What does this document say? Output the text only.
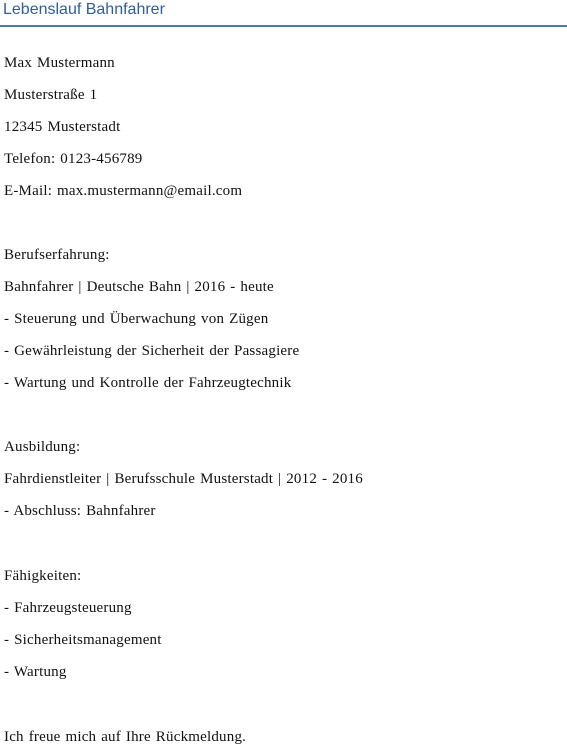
Lebenslauf Bahnfahrer
Max Mustermann
Musterstraße 1
12345 Musterstadt
Telefon: 0123-456789
E-Mail: max.mustermann@email.com
Berufserfahrung:
Bahnfahrer | Deutsche Bahn | 2016 - heute
- Steuerung und Überwachung von Zügen
- Gewährleistung der Sicherheit der Passagiere
- Wartung und Kontrolle der Fahrzeugtechnik
Ausbildung:
Fahrdienstleiter | Berufsschule Musterstadt | 2012 - 2016
- Abschluss: Bahnfahrer
Fähigkeiten:
- Fahrzeugsteuerung
- Sicherheitsmanagement
- Wartung
Ich freue mich auf Ihre Rückmeldung.
